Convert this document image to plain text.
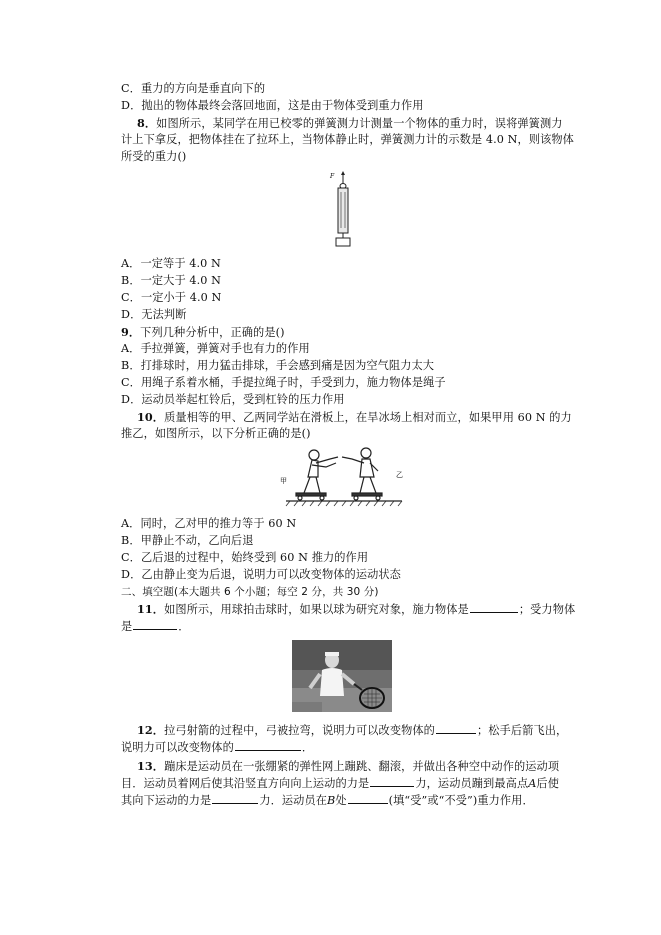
C．重力的方向是垂直向下的
D．抛出的物体最终会落回地面，这是由于物体受到重力作用
8．如图所示，某同学在用已校零的弹簧测力计测量一个物体的重力时，误将弹簧测力
计上下拿反，把物体挂在了拉环上，当物体静止时，弹簧测力计的示数是 4.0 N，则该物体
所受的重力()
F
A．一定等于 4.0 N
B．一定大于 4.0 N
C．一定小于 4.0 N
D．无法判断
9．下列几种分析中，正确的是()
A．手拉弹簧，弹簧对手也有力的作用
B．打排球时，用力猛击排球，手会感到痛是因为空气阻力太大
C．用绳子系着水桶，手提拉绳子时，手受到力，施力物体是绳子
D．运动员举起杠铃后，受到杠铃的压力作用
10．质量相等的甲、乙两同学站在滑板上，在旱冰场上相对而立，如果甲用 60 N 的力
推乙，如图所示，以下分析正确的是()
甲
乙
A．同时，乙对甲的推力等于 60 N
B．甲静止不动，乙向后退
C．乙后退的过程中，始终受到 60 N 推力的作用
D．乙由静止变为后退，说明力可以改变物体的运动状态
二、填空题(本大题共 6 个小题；每空 2 分，共 30 分)
11．如图所示，用球拍击球时，如果以球为研究对象，施力物体是	；受力物体
是	．
12．拉弓射箭的过程中，弓被拉弯，说明力可以改变物体的	；松手后箭飞出，
说明力可以改变物体的	．
13．蹦床是运动员在一张绷紧的弹性网上蹦跳、翻滚，并做出各种空中动作的运动项
目．运动员着网后使其沿竖直方向向上运动的力是	力，运动员蹦到最高点A后使
其向下运动的力是	力．运动员在B处	(填“受”或“不受”)重力作用．
